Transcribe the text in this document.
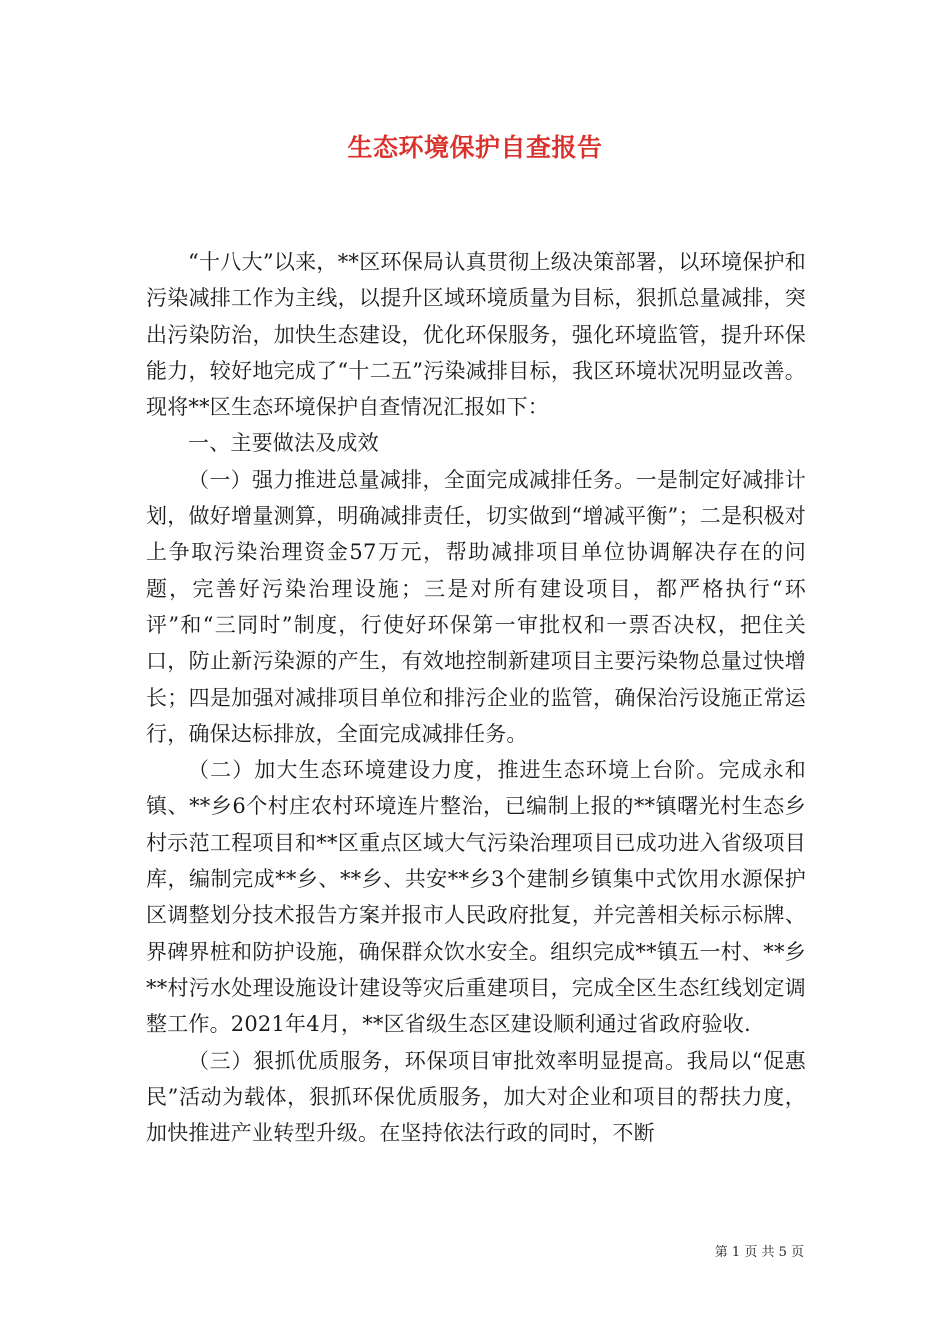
生态环境保护自查报告

“十八大”以来，**区环保局认真贯彻上级决策部署，以环境保护和污染减排工作为主线，以提升区域环境质量为目标，狠抓总量减排，突出污染防治，加快生态建设，优化环保服务，强化环境监管，提升环保能力，较好地完成了“十二五”污染减排目标，我区环境状况明显改善。现将**区生态环境保护自查情况汇报如下：

一、主要做法及成效

（一）强力推进总量减排，全面完成减排任务。一是制定好减排计划，做好增量测算，明确减排责任，切实做到“增减平衡”；二是积极对上争取污染治理资金57万元，帮助减排项目单位协调解决存在的问题，完善好污染治理设施；三是对所有建设项目，都严格执行“环评”和“三同时”制度，行使好环保第一审批权和一票否决权，把住关口，防止新污染源的产生，有效地控制新建项目主要污染物总量过快增长；四是加强对减排项目单位和排污企业的监管，确保治污设施正常运行，确保达标排放，全面完成减排任务。

（二）加大生态环境建设力度，推进生态环境上台阶。完成永和镇、**乡6个村庄农村环境连片整治，已编制上报的**镇曙光村生态乡村示范工程项目和**区重点区域大气污染治理项目已成功进入省级项目库，编制完成**乡、**乡、共安**乡3个建制乡镇集中式饮用水源保护区调整划分技术报告方案并报市人民政府批复，并完善相关标示标牌、界碑界桩和防护设施，确保群众饮水安全。组织完成**镇五一村、**乡**村污水处理设施设计建设等灾后重建项目，完成全区生态红线划定调整工作。2021年4月，**区省级生态区建设顺利通过省政府验收.

（三）狠抓优质服务，环保项目审批效率明显提高。我局以“促惠民”活动为载体，狠抓环保优质服务，加大对企业和项目的帮扶力度，加快推进产业转型升级。在坚持依法行政的同时，不断

第 1 页 共 5 页
